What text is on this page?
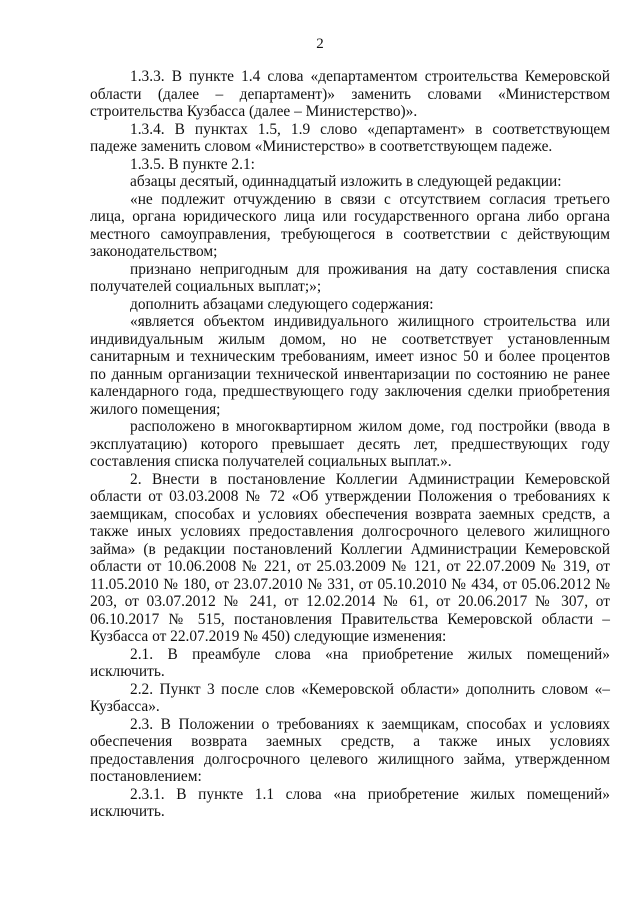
2

1.3.3. В пункте 1.4 слова «департаментом строительства Кемеровской области (далее – департамент)» заменить словами «Министерством строительства Кузбасса (далее – Министерство)».

1.3.4. В пунктах 1.5, 1.9 слово «департамент» в соответствующем падеже заменить словом «Министерство» в соответствующем падеже.

1.3.5. В пункте 2.1:

абзацы десятый, одиннадцатый изложить в следующей редакции:

«не подлежит отчуждению в связи с отсутствием согласия третьего лица, органа юридического лица или государственного органа либо органа местного самоуправления, требующегося в соответствии с действующим законодательством;

признано непригодным для проживания на дату составления списка получателей социальных выплат;»;

дополнить абзацами следующего содержания:

«является объектом индивидуального жилищного строительства или индивидуальным жилым домом, но не соответствует установленным санитарным и техническим требованиям, имеет износ 50 и более процентов по данным организации технической инвентаризации по состоянию не ранее календарного года, предшествующего году заключения сделки приобретения жилого помещения;

расположено в многоквартирном жилом доме, год постройки (ввода в эксплуатацию) которого превышает десять лет, предшествующих году составления списка получателей социальных выплат.».

2. Внести в постановление Коллегии Администрации Кемеровской области от 03.03.2008 № 72 «Об утверждении Положения о требованиях к заемщикам, способах и условиях обеспечения возврата заемных средств, а также иных условиях предоставления долгосрочного целевого жилищного займа» (в редакции постановлений Коллегии Администрации Кемеровской области от 10.06.2008 № 221, от 25.03.2009 № 121, от 22.07.2009 № 319, от 11.05.2010 № 180, от 23.07.2010 № 331, от 05.10.2010 № 434, от 05.06.2012 № 203, от 03.07.2012 № 241, от 12.02.2014 № 61, от 20.06.2017 № 307, от 06.10.2017 № 515, постановления Правительства Кемеровской области – Кузбасса от 22.07.2019 № 450) следующие изменения:

2.1. В преамбуле слова «на приобретение жилых помещений» исключить.

2.2. Пункт 3 после слов «Кемеровской области» дополнить словом «– Кузбасса».

2.3. В Положении о требованиях к заемщикам, способах и условиях обеспечения возврата заемных средств, а также иных условиях предоставления долгосрочного целевого жилищного займа, утвержденном постановлением:

2.3.1. В пункте 1.1 слова «на приобретение жилых помещений» исключить.
